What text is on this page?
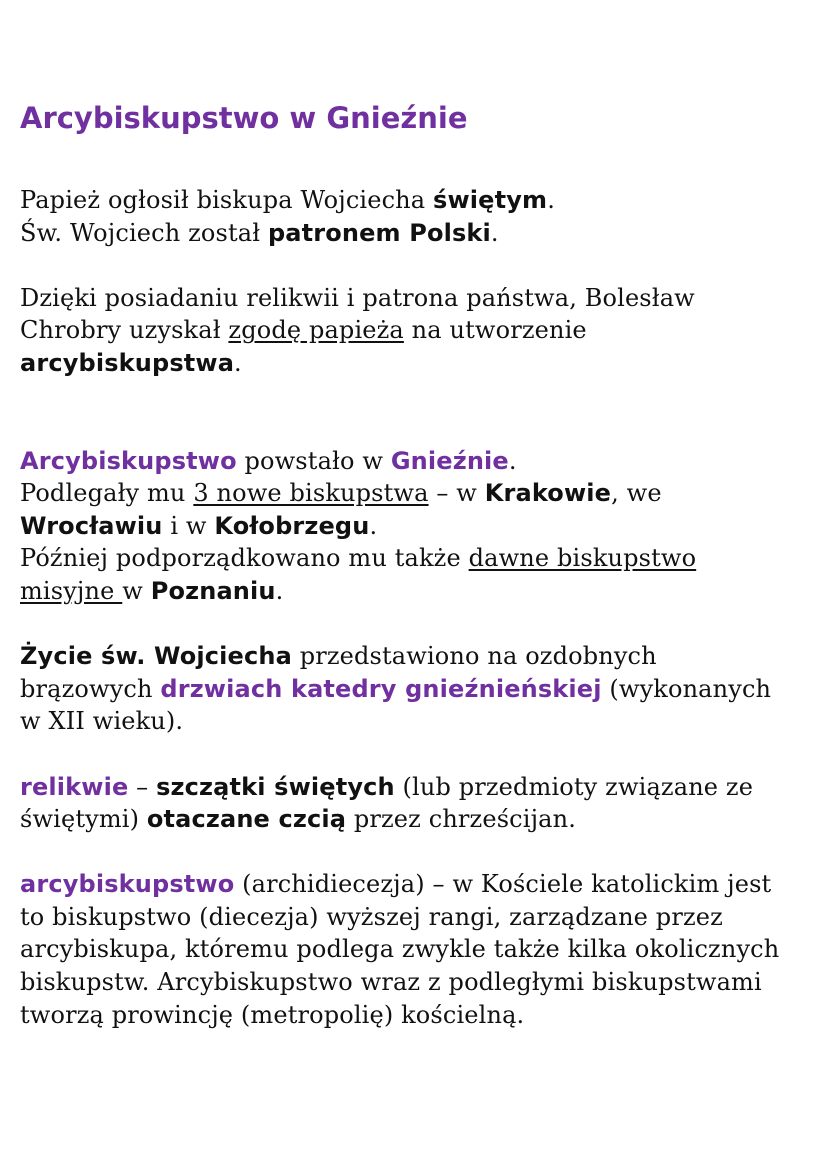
Arcybiskupstwo w Gnieźnie

Papież ogłosił biskupa Wojciecha świętym.
Św. Wojciech został patronem Polski.

Dzięki posiadaniu relikwii i patrona państwa, Bolesław Chrobry uzyskał zgodę papieża na utworzenie arcybiskupstwa.

Arcybiskupstwo powstało w Gnieźnie.
Podlegały mu 3 nowe biskupstwa – w Krakowie, we Wrocławiu i w Kołobrzegu.
Później podporządkowano mu także dawne biskupstwo misyjne w Poznaniu.

Życie św. Wojciecha przedstawiono na ozdobnych brązowych drzwiach katedry gnieźnieńskiej (wykonanych w XII wieku).

relikwie – szczątki świętych (lub przedmioty związane ze świętymi) otaczane czcią przez chrześcijan.

arcybiskupstwo (archidiecezja) – w Kościele katolickim jest to biskupstwo (diecezja) wyższej rangi, zarządzane przez arcybiskupa, któremu podlega zwykle także kilka okolicznych biskupstw. Arcybiskupstwo wraz z podległymi biskupstwami tworzą prowincję (metropolię) kościelną.
